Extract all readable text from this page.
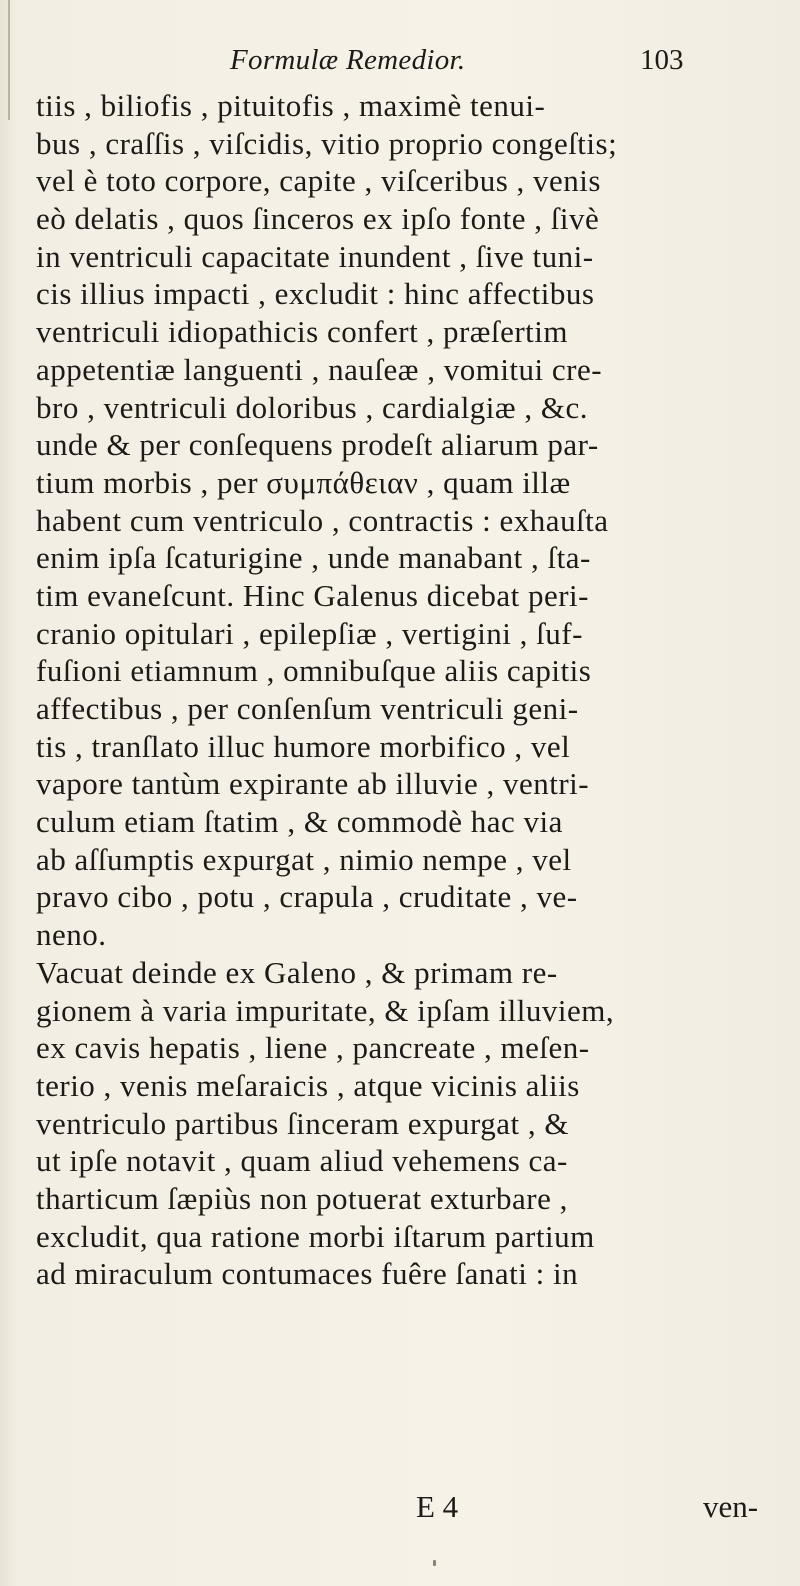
Formulæ Remedior.	103
tiis , biliofis , pituitofis , maximè tenui-
bus , craſſis , viſcidis, vitio proprio congeſtis;
vel è toto corpore, capite , viſceribus , venis
eò delatis , quos ſinceros ex ipſo fonte , ſivè
in ventriculi capacitate inundent , ſive tuni-
cis illius impacti , excludit : hinc affectibus
ventriculi idiopathicis confert , præſertim
appetentiæ languenti , nauſeæ , vomitui cre-
bro , ventriculi doloribus , cardialgiæ , &c.
unde & per conſequens prodeſt aliarum par-
tium morbis , per συμπάθειαν , quam illæ
habent cum ventriculo , contractis : exhauſta
enim ipſa ſcaturigine , unde manabant , ſta-
tim evaneſcunt. Hinc Galenus dicebat peri-
cranio opitulari , epilepſiæ , vertigini , ſuf-
fuſioni etiamnum , omnibuſque aliis capitis
affectibus , per conſenſum ventriculi geni-
tis , tranſlato illuc humore morbifico , vel
vapore tantùm expirante ab illuvie , ventri-
culum etiam ſtatim , & commodè hac via
ab aſſumptis expurgat , nimio nempe , vel
pravo cibo , potu , crapula , cruditate , ve-
neno.
Vacuat deinde ex Galeno , & primam re-
gionem à varia impuritate, & ipſam illuviem,
ex cavis hepatis , liene , pancreate , meſen-
terio , venis meſaraicis , atque vicinis aliis
ventriculo partibus ſinceram expurgat , &
ut ipſe notavit , quam aliud vehemens ca-
tharticum ſæpiùs non potuerat exturbare ,
excludit, qua ratione morbi iſtarum partium
ad miraculum contumaces fuêre ſanati : in
E 4	ven-
